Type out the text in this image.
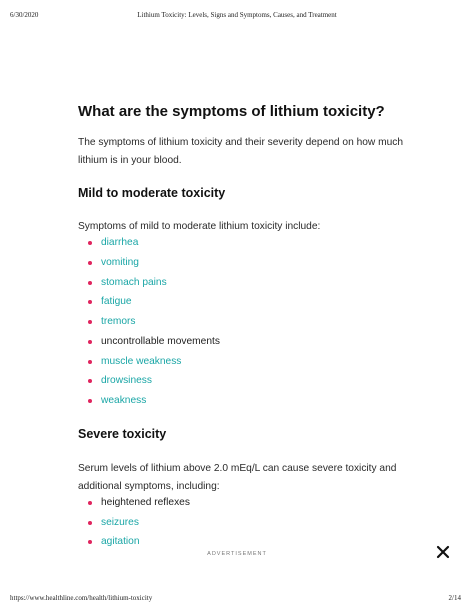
6/30/2020	Lithium Toxicity: Levels, Signs and Symptoms, Causes, and Treatment
What are the symptoms of lithium toxicity?

The symptoms of lithium toxicity and their severity depend on how much lithium is in your blood.

Mild to moderate toxicity

Symptoms of mild to moderate lithium toxicity include:

diarrhea
vomiting
stomach pains
fatigue
tremors
uncontrollable movements
muscle weakness
drowsiness
weakness
Severe toxicity

Serum levels of lithium above 2.0 mEq/L can cause severe toxicity and additional symptoms, including:

heightened reflexes
seizures
agitation
ADVERTISEMENT
https://www.healthline.com/health/lithium-toxicity	2/14
